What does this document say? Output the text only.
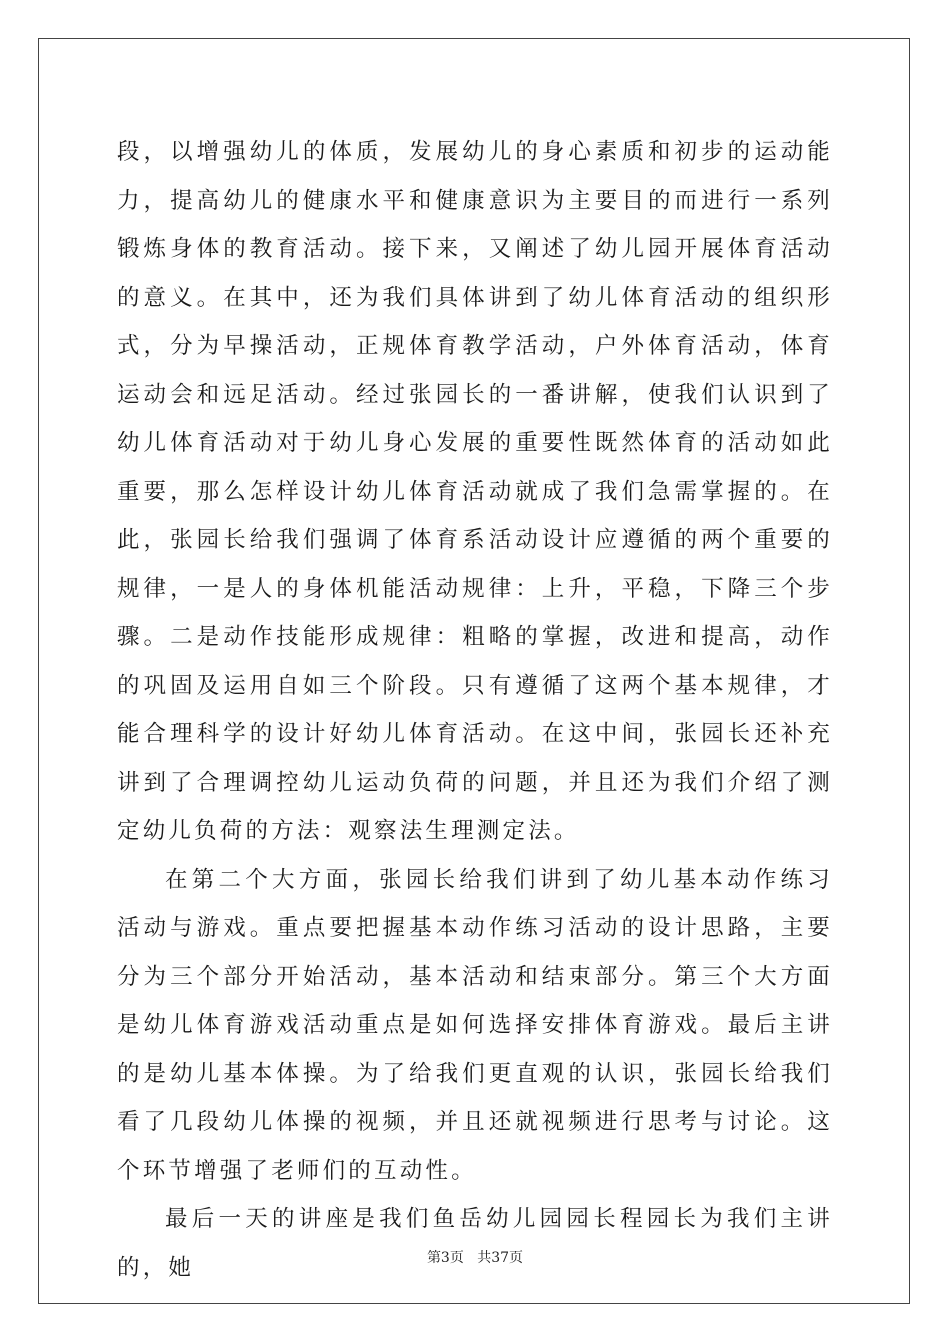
段，以增强幼儿的体质，发展幼儿的身心素质和初步的运动能力，提高幼儿的健康水平和健康意识为主要目的而进行一系列锻炼身体的教育活动。接下来，又阐述了幼儿园开展体育活动的意义。在其中，还为我们具体讲到了幼儿体育活动的组织形式，分为早操活动，正规体育教学活动，户外体育活动，体育运动会和远足活动。经过张园长的一番讲解，使我们认识到了幼儿体育活动对于幼儿身心发展的重要性既然体育的活动如此重要，那么怎样设计幼儿体育活动就成了我们急需掌握的。在此，张园长给我们强调了体育系活动设计应遵循的两个重要的规律，一是人的身体机能活动规律：上升，平稳，下降三个步骤。二是动作技能形成规律：粗略的掌握，改进和提高，动作的巩固及运用自如三个阶段。只有遵循了这两个基本规律，才能合理科学的设计好幼儿体育活动。在这中间，张园长还补充讲到了合理调控幼儿运动负荷的问题，并且还为我们介绍了测定幼儿负荷的方法：观察法生理测定法。

在第二个大方面，张园长给我们讲到了幼儿基本动作练习活动与游戏。重点要把握基本动作练习活动的设计思路，主要分为三个部分开始活动，基本活动和结束部分。第三个大方面是幼儿体育游戏活动重点是如何选择安排体育游戏。最后主讲的是幼儿基本体操。为了给我们更直观的认识，张园长给我们看了几段幼儿体操的视频，并且还就视频进行思考与讨论。这个环节增强了老师们的互动性。

最后一天的讲座是我们鱼岳幼儿园园长程园长为我们主讲的，她	第3页 共37页
